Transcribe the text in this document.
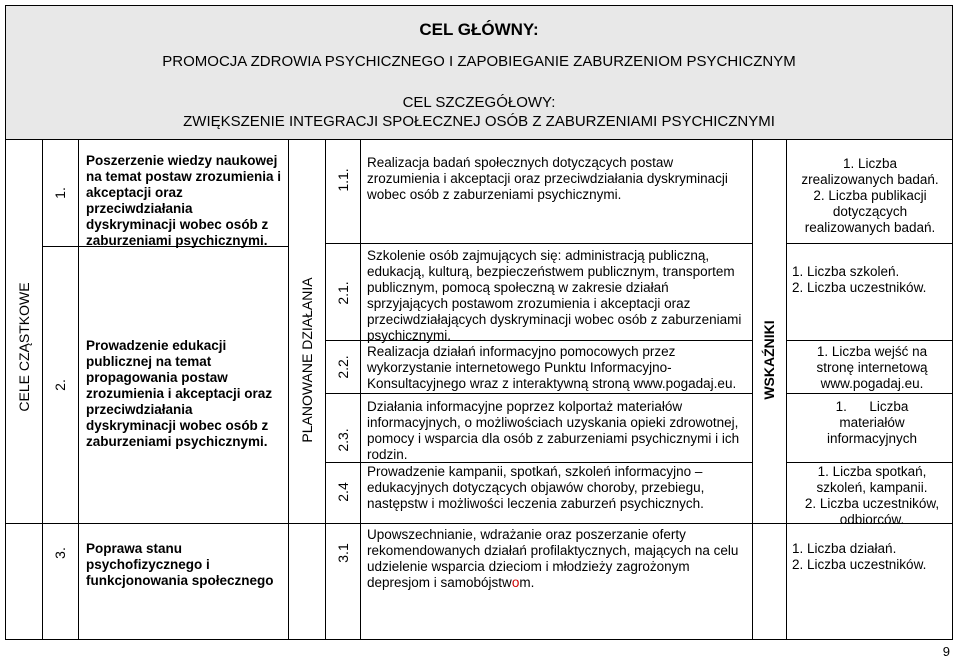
CEL GŁÓWNY:
PROMOCJA ZDROWIA PSYCHICZNEGO I ZAPOBIEGANIE ZABURZENIOM PSYCHICZNYM
CEL SZCZEGÓŁOWY:
ZWIĘKSZENIE INTEGRACJI SPOŁECZNEJ OSÓB Z ZABURZENIAMI PSYCHICZNYMI
CELE CZĄSTKOWE	PLANOWANE DZIAŁANIA	WSKAŹNIKI
1.
2.
3.
Poszerzenie wiedzy naukowej na temat postaw zrozumienia i akceptacji oraz przeciwdziałania dyskryminacji wobec osób z zaburzeniami psychicznymi.
Prowadzenie edukacji publicznej na temat propagowania postaw zrozumienia i akceptacji oraz przeciwdziałania dyskryminacji wobec osób z zaburzeniami psychicznymi.
Poprawa stanu psychofizycznego i funkcjonowania społecznego
1.1.
2.1.
2.2.
2.3.
2.4
3.1
Realizacja badań społecznych dotyczących postaw zrozumienia i akceptacji oraz przeciwdziałania dyskryminacji wobec osób z zaburzeniami psychicznymi.
Szkolenie osób zajmujących się: administracją publiczną, edukacją, kulturą, bezpieczeństwem publicznym, transportem publicznym, pomocą społeczną w zakresie działań sprzyjających postawom zrozumienia i akceptacji oraz przeciwdziałających dyskryminacji wobec osób z zaburzeniami psychicznymi.
Realizacja działań informacyjno pomocowych przez wykorzystanie internetowego Punktu Informacyjno-Konsultacyjnego wraz z interaktywną stroną www.pogadaj.eu.
Działania informacyjne poprzez kolportaż materiałów informacyjnych, o możliwościach uzyskania opieki zdrowotnej, pomocy i wsparcia dla osób z zaburzeniami psychicznymi i ich rodzin.
Prowadzenie kampanii, spotkań, szkoleń informacyjno – edukacyjnych dotyczących objawów choroby, przebiegu, następstw i możliwości leczenia zaburzeń psychicznych.
Upowszechnianie, wdrażanie oraz poszerzanie oferty rekomendowanych działań profilaktycznych, mających na celu udzielenie wsparcia dzieciom i młodzieży zagrożonym depresjom i samobójstwom.
1. Liczba
zrealizowanych badań.
2. Liczba publikacji
dotyczących
realizowanych badań.
1. Liczba szkoleń.
2. Liczba uczestników.
1. Liczba wejść na
stronę internetową
www.pogadaj.eu.
1.      Liczba
materiałów
informacyjnych
1. Liczba spotkań,
szkoleń, kampanii.
2. Liczba uczestników,
odbiorców.
1. Liczba działań.
2. Liczba uczestników.
9
